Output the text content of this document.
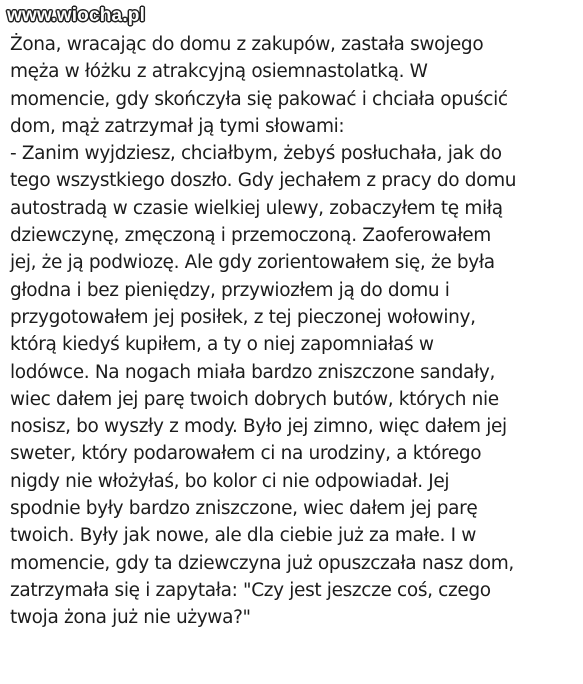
www.wiocha.pl
Żona, wracając do domu z zakupów, zastała swojego
męża w łóżku z atrakcyjną osiemnastolatką. W
momencie, gdy skończyła się pakować i chciała opuścić
dom, mąż zatrzymał ją tymi słowami:
- Zanim wyjdziesz, chciałbym, żebyś posłuchała, jak do
tego wszystkiego doszło. Gdy jechałem z pracy do domu
autostradą w czasie wielkiej ulewy, zobaczyłem tę miłą
dziewczynę, zmęczoną i przemoczoną. Zaoferowałem
jej, że ją podwiozę. Ale gdy zorientowałem się, że była
głodna i bez pieniędzy, przywiozłem ją do domu i
przygotowałem jej posiłek, z tej pieczonej wołowiny,
którą kiedyś kupiłem, a ty o niej zapomniałaś w
lodówce. Na nogach miała bardzo zniszczone sandały,
wiec dałem jej parę twoich dobrych butów, których nie
nosisz, bo wyszły z mody. Było jej zimno, więc dałem jej
sweter, który podarowałem ci na urodziny, a którego
nigdy nie włożyłaś, bo kolor ci nie odpowiadał. Jej
spodnie były bardzo zniszczone, wiec dałem jej parę
twoich. Były jak nowe, ale dla ciebie już za małe. I w
momencie, gdy ta dziewczyna już opuszczała nasz dom,
zatrzymała się i zapytała: "Czy jest jeszcze coś, czego
twoja żona już nie używa?"
